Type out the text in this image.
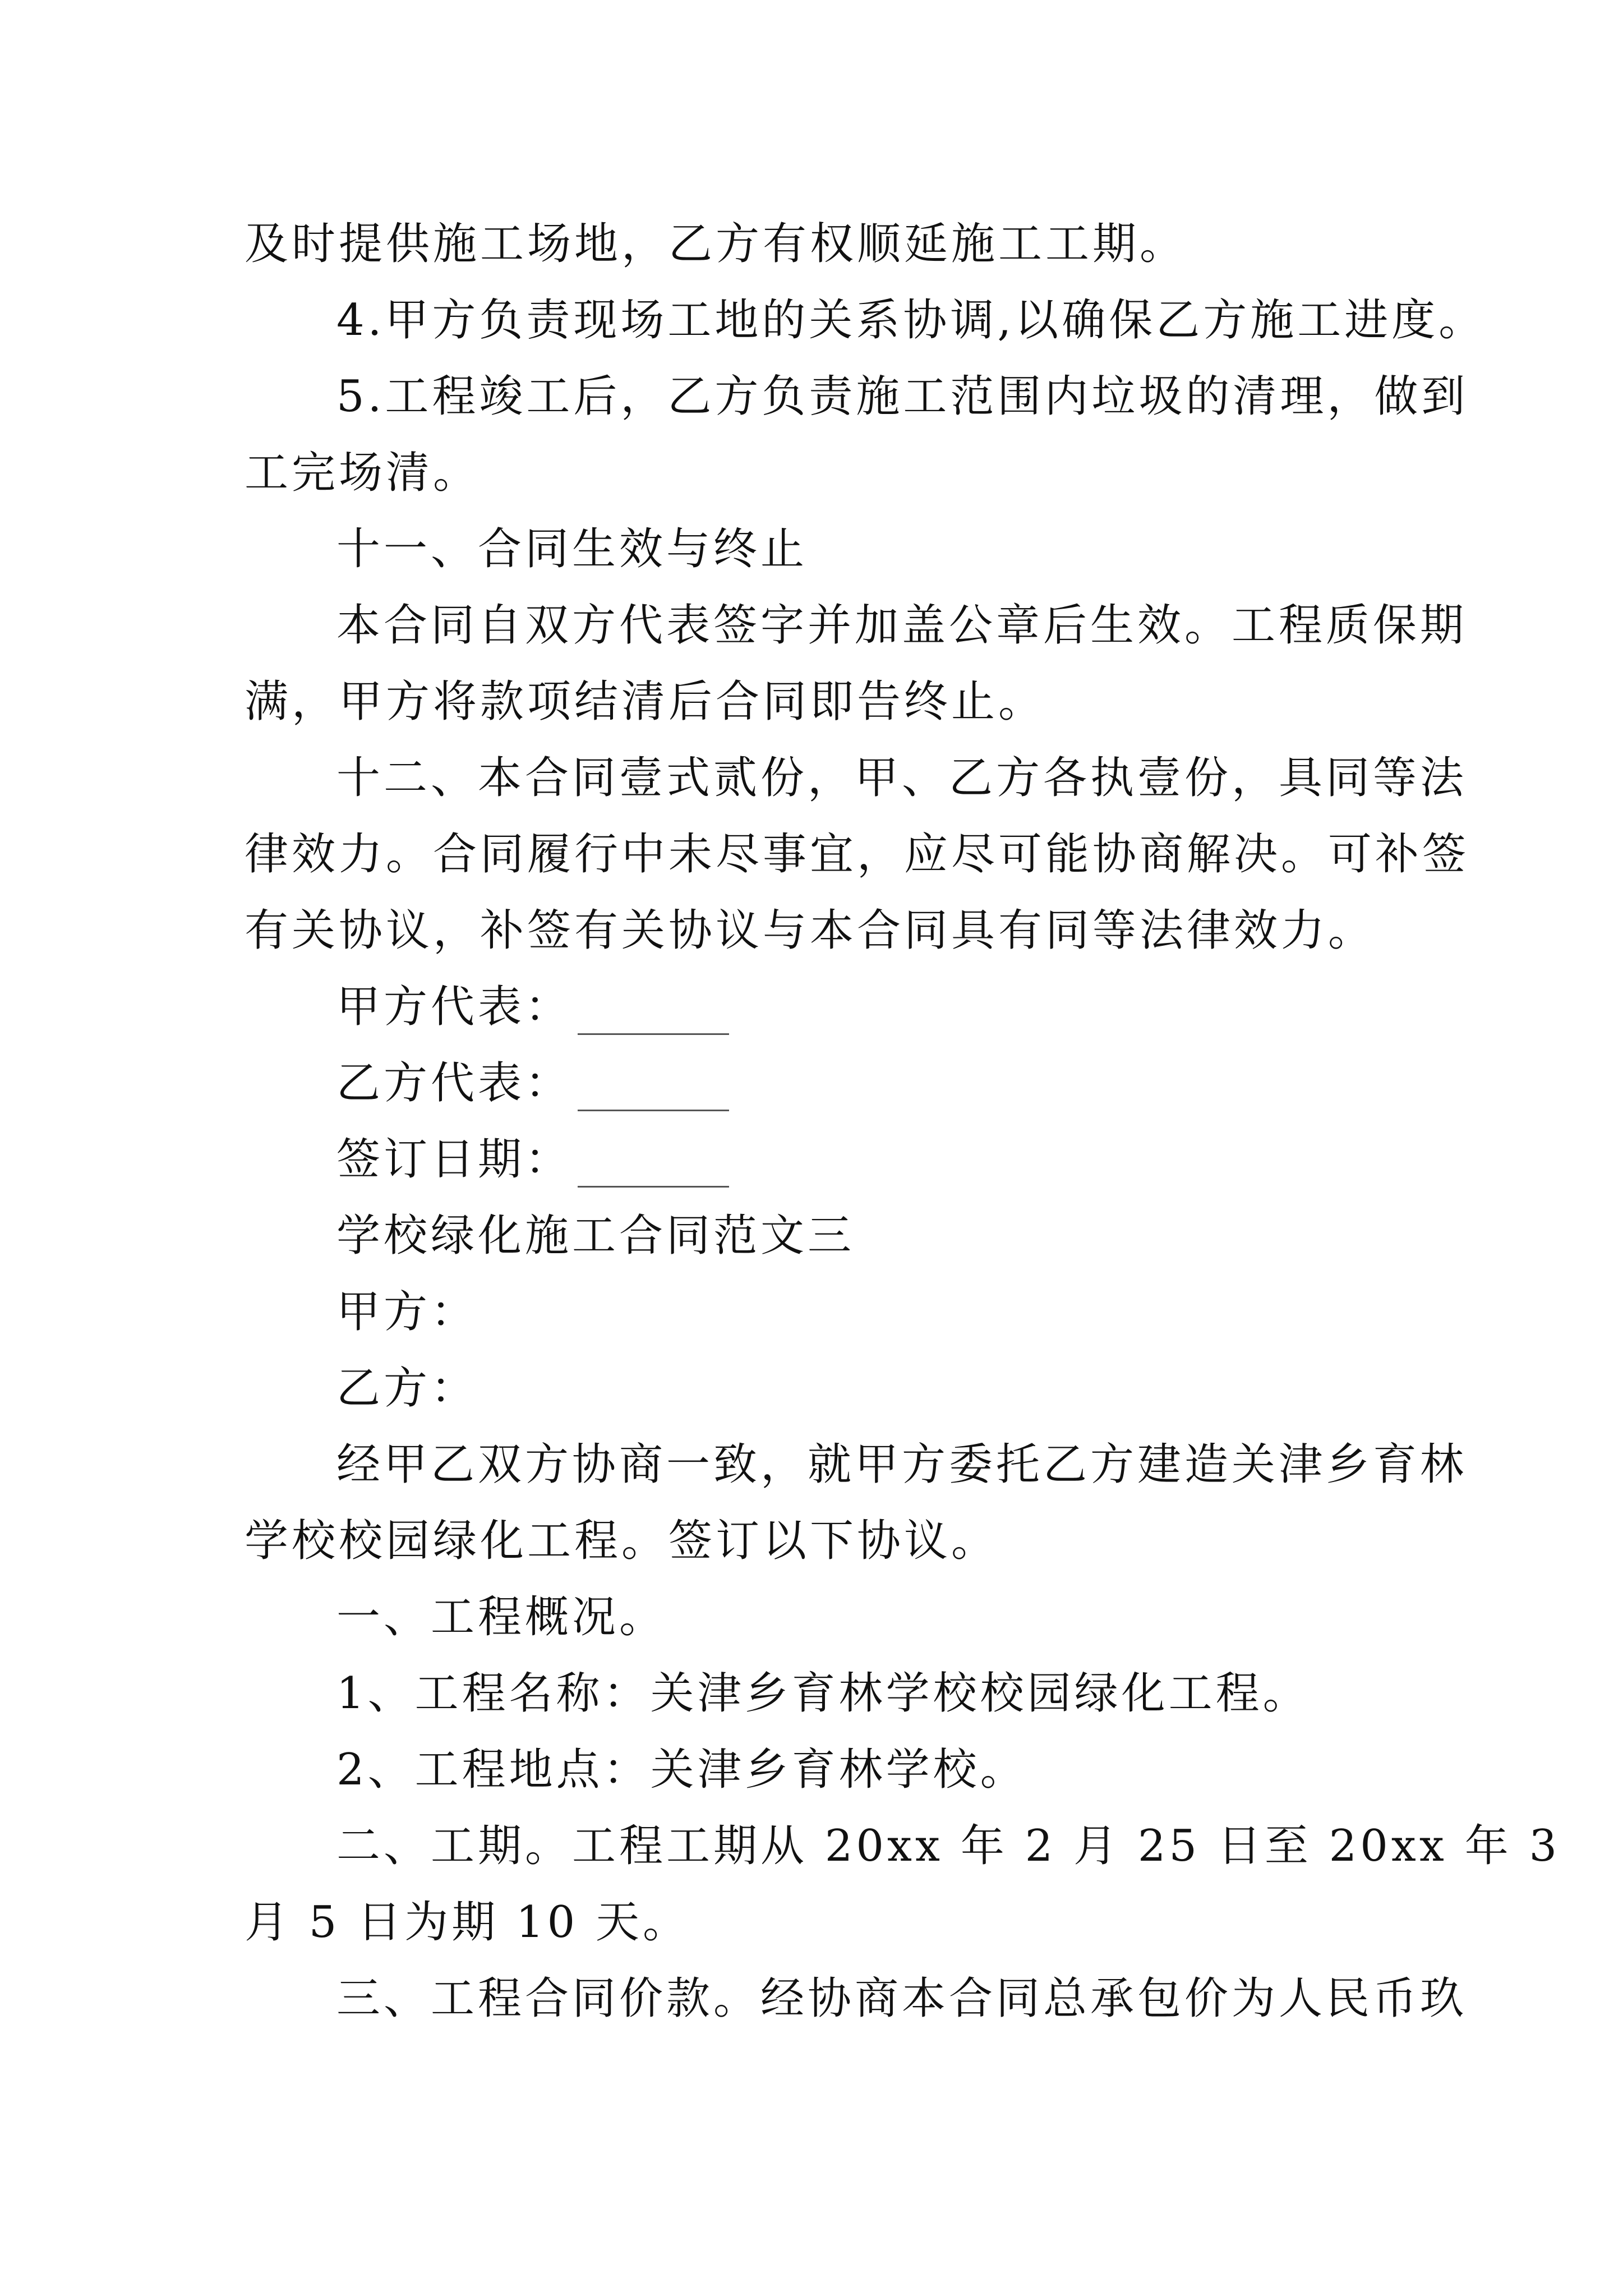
及时提供施工场地，乙方有权顺延施工工期。
4.甲方负责现场工地的关系协调,以确保乙方施工进度。
5.工程竣工后，乙方负责施工范围内垃圾的清理，做到
工完场清。
十一、合同生效与终止
本合同自双方代表签字并加盖公章后生效。工程质保期
满，甲方将款项结清后合同即告终止。
十二、本合同壹式贰份，甲、乙方各执壹份，具同等法
律效力。合同履行中未尽事宜，应尽可能协商解决。可补签
有关协议，补签有关协议与本合同具有同等法律效力。
甲方代表：
乙方代表：
签订日期：
学校绿化施工合同范文三
甲方：
乙方：
经甲乙双方协商一致，就甲方委托乙方建造关津乡育林
学校校园绿化工程。签订以下协议。
一、工程概况。
1、工程名称：关津乡育林学校校园绿化工程。
2、工程地点：关津乡育林学校。
二、工期。工程工期从 20xx 年 2 月 25 日至 20xx 年 3
月 5 日为期 10 天。
三、工程合同价款。经协商本合同总承包价为人民币玖
